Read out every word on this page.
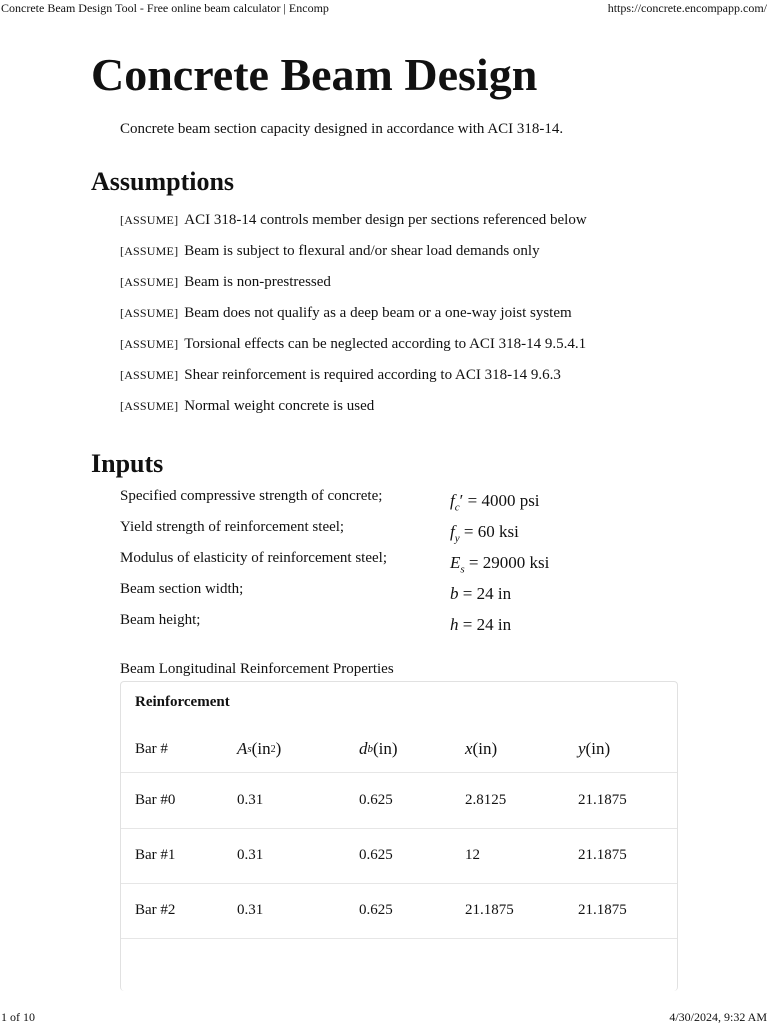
Concrete Beam Design Tool - Free online beam calculator | Encomp	https://concrete.encompapp.com/
Concrete Beam Design
Concrete beam section capacity designed in accordance with ACI 318-14.
Assumptions
[ASSUME] ACI 318-14 controls member design per sections referenced below
[ASSUME] Beam is subject to flexural and/or shear load demands only
[ASSUME] Beam is non-prestressed
[ASSUME] Beam does not qualify as a deep beam or a one-way joist system
[ASSUME] Torsional effects can be neglected according to ACI 318-14 9.5.4.1
[ASSUME] Shear reinforcement is required according to ACI 318-14 9.6.3
[ASSUME] Normal weight concrete is used
Inputs
Specified compressive strength of concrete;	$f_c' = 4000$ psi
Yield strength of reinforcement steel;	$f_y = 60$ ksi
Modulus of elasticity of reinforcement steel;	$E_s = 29000$ ksi
Beam section width;	b = 24 in
Beam height;	h = 24 in
Beam Longitudinal Reinforcement Properties
Reinforcement
Bar #	A s ( in 2 )	d b ( in )	x ( in )	y ( in )
Bar #0	0.31	0.625	2.8125	21.1875
Bar #1	0.31	0.625	12	21.1875
Bar #2	0.31	0.625	21.1875	21.1875
1 of 10	4/30/2024, 9:32 AM
